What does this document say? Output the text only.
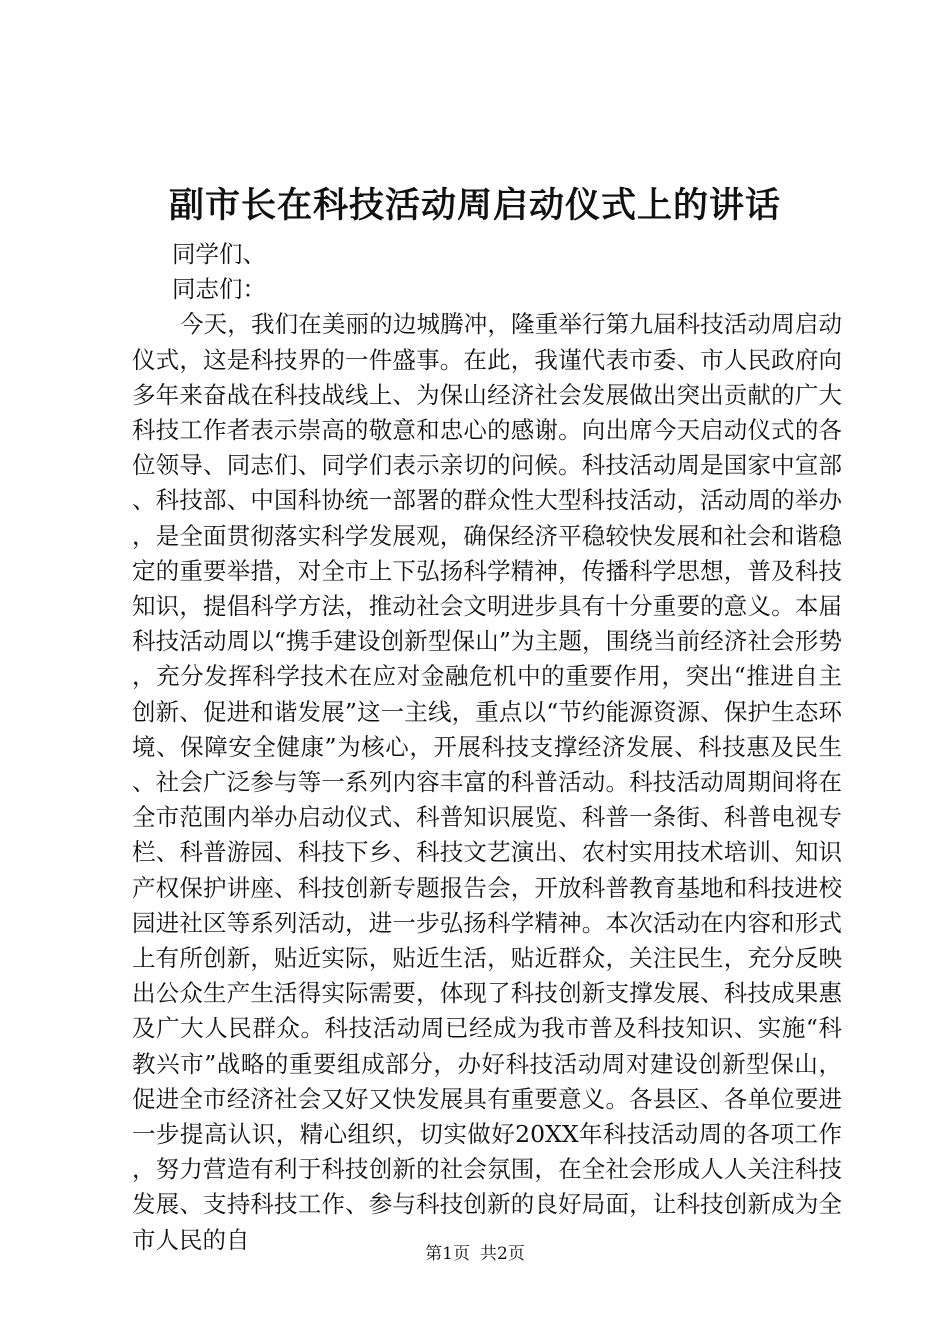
副市长在科技活动周启动仪式上的讲话

同学们、

同志们：

今天，我们在美丽的边城腾冲，隆重举行第九届科技活动周启动仪式，这是科技界的一件盛事。在此，我谨代表市委、市人民政府向多年来奋战在科技战线上、为保山经济社会发展做出突出贡献的广大科技工作者表示崇高的敬意和忠心的感谢。向出席今天启动仪式的各位领导、同志们、同学们表示亲切的问候。科技活动周是国家中宣部、科技部、中国科协统一部署的群众性大型科技活动，活动周的举办，是全面贯彻落实科学发展观，确保经济平稳较快发展和社会和谐稳定的重要举措，对全市上下弘扬科学精神，传播科学思想，普及科技知识，提倡科学方法，推动社会文明进步具有十分重要的意义。本届科技活动周以“携手建设创新型保山”为主题，围绕当前经济社会形势，充分发挥科学技术在应对金融危机中的重要作用，突出“推进自主创新、促进和谐发展”这一主线，重点以“节约能源资源、保护生态环境、保障安全健康”为核心，开展科技支撑经济发展、科技惠及民生、社会广泛参与等一系列内容丰富的科普活动。科技活动周期间将在全市范围内举办启动仪式、科普知识展览、科普一条街、科普电视专栏、科普游园、科技下乡、科技文艺演出、农村实用技术培训、知识产权保护讲座、科技创新专题报告会，开放科普教育基地和科技进校园进社区等系列活动，进一步弘扬科学精神。本次活动在内容和形式上有所创新，贴近实际，贴近生活，贴近群众，关注民生，充分反映出公众生产生活得实际需要，体现了科技创新支撑发展、科技成果惠及广大人民群众。科技活动周已经成为我市普及科技知识、实施“科教兴市”战略的重要组成部分，办好科技活动周对建设创新型保山，促进全市经济社会又好又快发展具有重要意义。各县区、各单位要进一步提高认识，精心组织，切实做好20XX年科技活动周的各项工作，努力营造有利于科技创新的社会氛围，在全社会形成人人关注科技发展、支持科技工作、参与科技创新的良好局面，让科技创新成为全市人民的自

第1页 共2页
